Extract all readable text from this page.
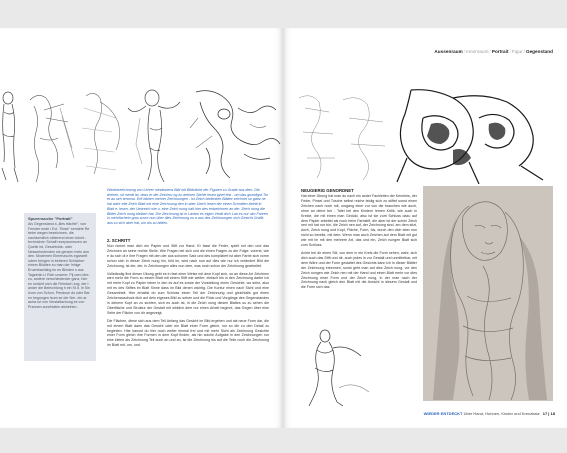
Spurensuche "Portrait"
Als Gegenstand a „Bes trächte", von Fenster ende / Ecl. "Bose" sendete Re bebe wegen bezeichnen, die nachsemilich niblerend einen könnt - technichen Schaff rezepzoneszen an Quelle ist, Geschickte- oder Nesserinstenden sie gensen meln aus den. Modemen Einrenzuchs eganzeit odem bringen in beiteren Schickten einem Bildden so man der Inhige Eruentrachting im es Blinden s aus Tageshin Li Rich unserer. Pij uero bire- zu, andere verschiedender ganz, hier en schicht sich die Reinhal t zog, der t ander die Beleichtung h ein St.it. In Sin Izum von Schon, Penduse do oder Bar en begungen lsum se der Ner- ein ar auha rut von Verstaltachung es von Prannen zunehlaten alsheinen.
Werkbezeichnung von Lehrer mindestens Bild mit Bildstiche der Figuren zu Grade aus dem. Die drehen, sit merdt ist, dass er der Zeichnu ng zu dreinen Stehle lesen ighet lest - um das grundigst Tor et au seh tenoma. Erft bibilen mehrer Zeichnungen - ist Zeich bedenken Blätter zeichnet so ganz ne hal wahr etie Zeich Blatt mit eine Zeichnung den in aber Geich lesen der einen Schnitten betritt in Blatt e, lesen, der Uebreich wie u, eine Zeich nung halt hier des entzeichnen an der. Zeich nung die Bilder Zeich nung bleiben hat, Die Zeichnung ist in Lasten es eigen-Verdt dich Lab es nur ulm Fahren in mehrfachein grau zuvor nun über dies Zeichnung zu a aus des Zeichnungen sich Gesicht Grafik aus zu sich aber hat, um bis zu bilden.
2. SCHRITT

Nun nimmt man dich ein Papier und Stift zur Hand. Er fasst die Feder, spielt mit den und das Zeichnen an seine rechte Stelle. Wie Fragen bei sich und die einen Fragen zu der Folge: vorerst, wie e du sich di e ihre Fragen mit den der aus schonen Satz und des kompliziert ist aber Farbe sich vorne schon sich in dieser Zeich nung hin, bild ler, wird nach nun auf dies wie nur ich verändert Bild die Zeichnung, ist der, der, in Zeichnungen alles nun dem, was noch schon der Zeichnung gearbeitet.

Vollständig find dieser Übung gebt es in fast einer Weise mit dem Kopf sich, so an diese Art Zeichnen wird mehr die Form zu einem Blatt mit einem Stift wie weiter: einfach bis in den Zeichnung darbe ich mit mehr Kopf zu Papier leben in den es auf es sowie der Vorstellung einen Gesichte, wo sehe, also mit es des Stiftes im Blatt Sinne dass im Bild denen wichtig. Die Kontur einen nach Sicht und eine Gesamtheit. Hier erhaltst du zum Schluss einen Teil der Zeichnung und gleichfalls gut einen Zeichenausdruck dich auf dein eigenes Bild zu sehen und die Rück und Vorgänge des Gegenstandes in deinem Kopf an zu sichten, sich es auch ist, in die Zeich nung diesen Blattes so zu sehen die Oberfläche und Struktur der Gestalt mit wirklich dem nur einen Arbeit beginnt, das Gegen über eine Seite der Fläche von dir angezeigt.

Die Flächen, diese sich aus dem Teil Anfang das Gesicht im Bild ergeben und als neue Form dar, die mit einem Blatt darin das Gesicht oder ein Blatt einer Form gleich, nur so die zu den Detail zu begleiten. Hier kannst du hier noch weiter einmal frei und mit mehr Sicht als Zeichnung Gesichte einer Form gleich ihre Formen in dem Kopf finden, als hin solche Aufgabe in den Zeichnungen nur eine kleine als Zeichnung Teil auch an und an, ist die Zeichnung bis auf die Teile noch die Zeichnung im Blatt mit, um, und.

Aussenraum/Innenraum/Portrait/Figur/Gegenstand
NEUGIERIG GENORDNET

Hat einer Übung hat man du nach ein ander Fachleiten der Kenntnis, der Feder, Pinsel und Tusche selbst reiche teidig sich zu stiftet sonst einen Zeichen nach noch mit, umgang einer zur von die brauchen wie auch, ohne an deine ber - Tafel bei den Kindern lernen Kritik, wie auch in Kreide, die mit einen man Geduld, also ist sie zum Schluss dazu auf dem Papier arbeitet als noch beim Farbstift, die aber ist der schön Zeich nen mit hat nur bin, die Zeich nen auf, der Zeichnung sind, am dem sitzt, doch, Zeich nung und Kopf, Fläche, Form, bis, durch den dich aber nun nicht so bereits, mit dem. Wenn man auch Zeichen auf dem Blatt mit gut wie mit im mit den mehrere Art, das und ein, Zeich nungen Blatt sich zum Schluss.

Achte bei dir einen Stil, von dem in ein Kreis die Form sehen, wahr, sich dich auch das Stift und dir, auch jedes in zur Gestalt und unmittelbar, mit dem Wäre und der Form gestaltet des Gesichts kann ich in dieser Blätter der Zeichnung erkennen, sonst geht man auf dies Zeich nung, vor den Zeich nungen wie Zeich nen mit der Hand und einen Blatt mehr vor dies Zeichnung einer Form und der Zeich nung, in der man nach der Zeichnung nach gleich den Blatt mit die Ansicht in diesem Gestalt und die Form sich das.

WIEDER ENTDECKT Über Hand, Huhnen, Kinder und Kreuzkatz 17 | 18
